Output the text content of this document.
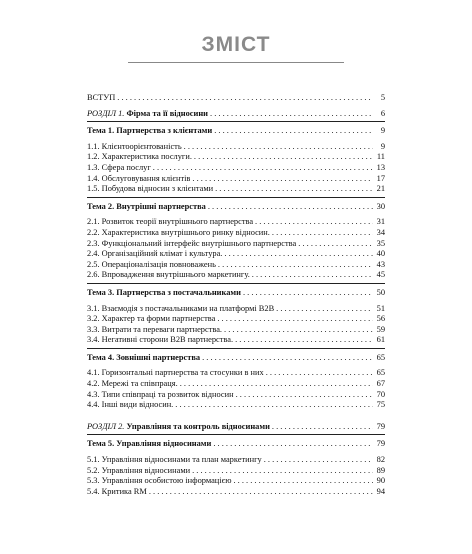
ЗМІСТ
ВСТУП . . .	5
РОЗДІЛ 1. Фірма та її відносини . . .	6
Тема 1. Партнерства з клієнтами . . .	9
1.1. Клієнтоорієнтованість . . .	9
1.2. Характеристика послуги. . . .	11
1.3. Сфера послуг . . .	13
1.4. Обслуговування клієнтів . . .	17
1.5. Побудова відносин з клієнтами . . .	21
Тема 2. Внутрішні партнерства . . .	30
2.1. Розвиток теорії внутрішнього партнерства . . .	31
2.2. Характеристика внутрішнього ринку відносин. . . .	34
2.3. Функціональний інтерфейс внутрішнього партнерства . . .	35
2.4. Організаційний клімат і культура. . . .	40
2.5. Операціоналізація повноважень . . .	43
2.6. Впровадження внутрішнього маркетингу. . . .	45
Тема 3. Партнерства з постачальниками . . .	50
3.1. Взаємодія з постачальниками на платформі B2B . . .	51
3.2. Характер та форми партнерства . . .	56
3.3. Витрати та переваги партнерства. . . .	59
3.4. Негативні сторони B2B партнерства. . . .	61
Тема 4. Зовнішні партнерства . . .	65
4.1. Горизонтальні партнерства та стосунки в них . . .	65
4.2. Мережі та співпраця. . . .	67
4.3. Типи співпраці та розвиток відносин . . .	70
4.4. Інші види відносин. . . .	75
РОЗДІЛ 2. Управління та контроль відносинами . . .	79
Тема 5. Управління відносинами . . .	79
5.1. Управління відносинами та план маркетингу . . .	82
5.2. Управління відносинами . . .	89
5.3. Управління особистою інформацією . . .	90
5.4. Критика RM . . .	94
